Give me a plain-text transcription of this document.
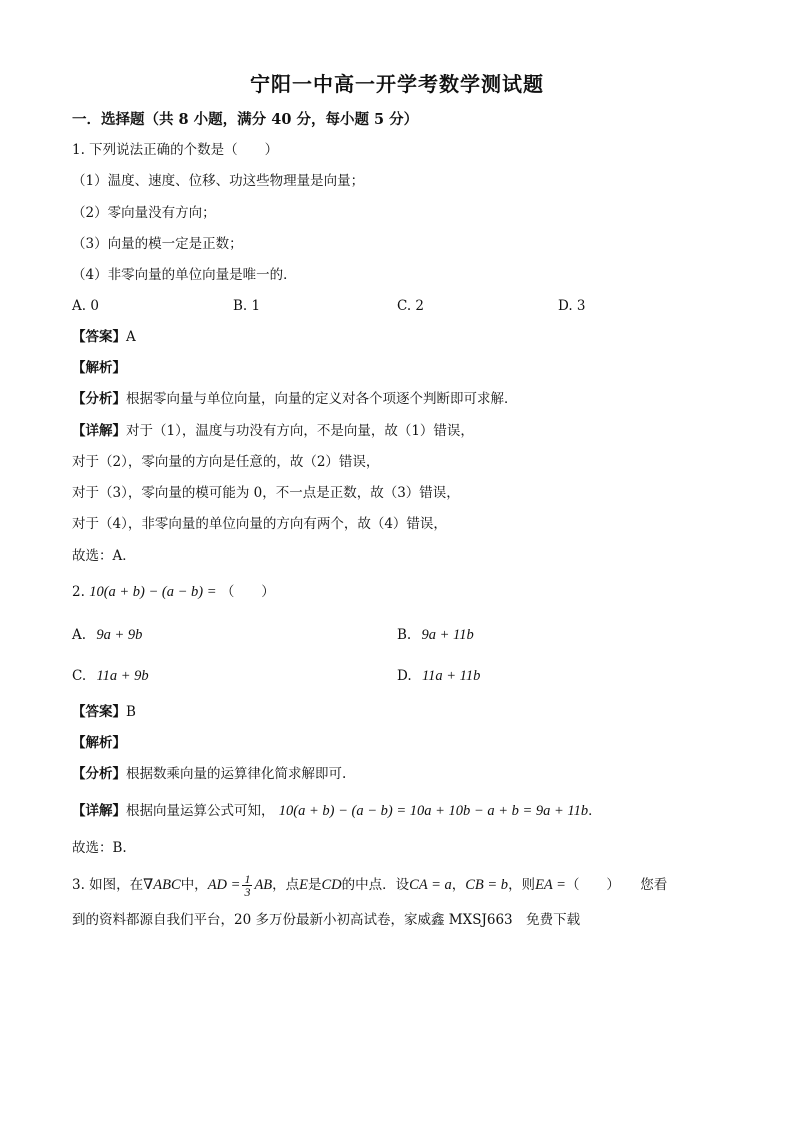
宁阳一中高一开学考数学测试题
一．选择题（共 8 小题，满分 40 分，每小题 5 分）
1. 下列说法正确的个数是（　　）
（1）温度、速度、位移、功这些物理量是向量；
（2）零向量没有方向；
（3）向量的模一定是正数；
（4）非零向量的单位向量是唯一的．
A. 0	B. 1	C. 2	D. 3
【答案】A
【解析】
【分析】根据零向量与单位向量，向量的定义对各个项逐个判断即可求解．
【详解】对于（1），温度与功没有方向，不是向量，故（1）错误，
对于（2），零向量的方向是任意的，故（2）错误，
对于（3），零向量的模可能为 0，不一点是正数，故（3）错误，
对于（4），非零向量的单位向量的方向有两个，故（4）错误，
故选：A．
2. 10(a + b) − (a − b) = （　　）
A. 9a + 9b	B. 9a + 11b
C. 11a + 9b	D. 11a + 11b
【答案】B
【解析】
【分析】根据数乘向量的运算律化简求解即可.
【详解】根据向量运算公式可知， 10(a + b) − (a − b) = 10a + 10b − a + b = 9a + 11b．
故选：B.
3. 如图，在∇ABC中，AD = $\frac{1}{3}$ AB，点E是CD的中点．设CA = a，CB = b，则EA =（　　） 您看
到的资料都源自我们平台，20 多万份最新小初高试卷，家威鑫 MXSJ663　免费下载
